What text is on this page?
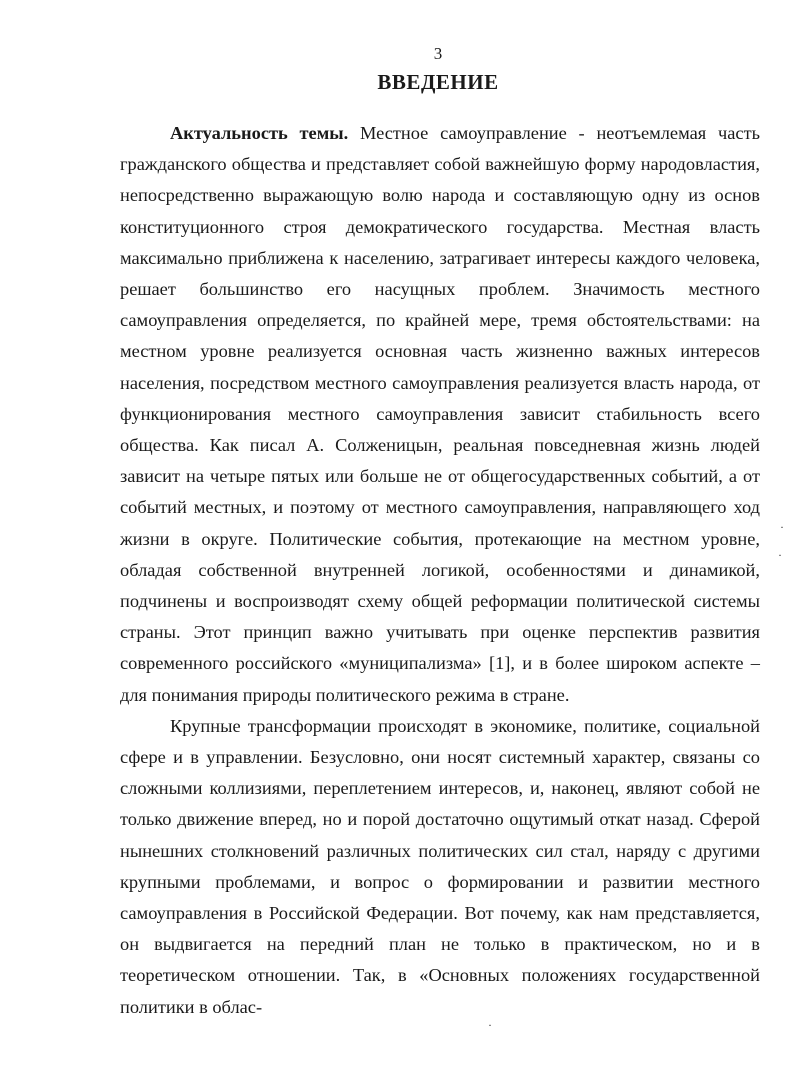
3
ВВЕДЕНИЕ

Актуальность темы. Местное самоуправление - неотъемлемая часть гражданского общества и представляет собой важнейшую форму народовластия, непосредственно выражающую волю народа и составляющую одну из основ конституционного строя демократического государства. Местная власть максимально приближена к населению, затрагивает интересы каждого человека, решает большинство его насущных проблем. Значимость местного самоуправления определяется, по крайней мере, тремя обстоятельствами: на местном уровне реализуется основная часть жизненно важных интересов населения, посредством местного самоуправления реализуется власть народа, от функционирования местного самоуправления зависит стабильность всего общества. Как писал А. Солженицын, реальная повседневная жизнь людей зависит на четыре пятых или больше не от общегосударственных событий, а от событий местных, и поэтому от местного самоуправления, направляющего ход жизни в округе. Политические события, протекающие на местном уровне, обладая собственной внутренней логикой, особенностями и динамикой, подчинены и воспроизводят схему общей реформации политической системы страны. Этот принцип важно учитывать при оценке перспектив развития современного российского «муниципализма» [1], и в более широком аспекте – для понимания природы политического режима в стране.

Крупные трансформации происходят в экономике, политике, социальной сфере и в управлении. Безусловно, они носят системный характер, связаны со сложными коллизиями, переплетением интересов, и, наконец, являют собой не только движение вперед, но и порой достаточно ощутимый откат назад. Сферой нынешних столкновений различных политических сил стал, наряду с другими крупными проблемами, и вопрос о формировании и развитии местного самоуправления в Российской Федерации. Вот почему, как нам представляется, он выдвигается на передний план не только в практическом, но и в теоретическом отношении. Так, в «Основных положениях государственной политики в облас-

·
·
·
